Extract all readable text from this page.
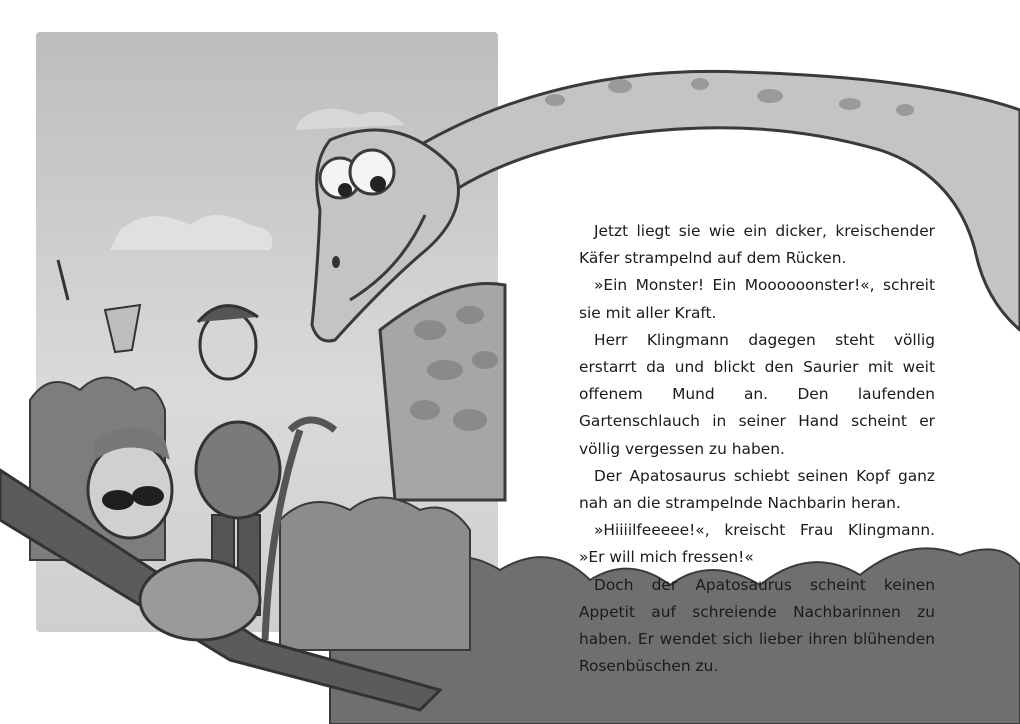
Jetzt liegt sie wie ein dicker, kreischender Käfer strampelnd auf dem Rücken.

»Ein Monster! Ein Moooooonster!«, schreit sie mit aller Kraft.

Herr Klingmann dagegen steht völlig erstarrt da und blickt den Saurier mit weit offenem Mund an. Den laufenden Gartenschlauch in seiner Hand scheint er völlig vergessen zu haben.

Der Apatosaurus schiebt seinen Kopf ganz nah an die strampelnde Nachbarin heran.

»Hiiiilfeeeee!«, kreischt Frau Klingmann. »Er will mich fressen!«

Doch der Apatosaurus scheint keinen Appetit auf schreiende Nachbarinnen zu haben. Er wendet sich lieber ihren blühenden Rosenbüschen zu.
